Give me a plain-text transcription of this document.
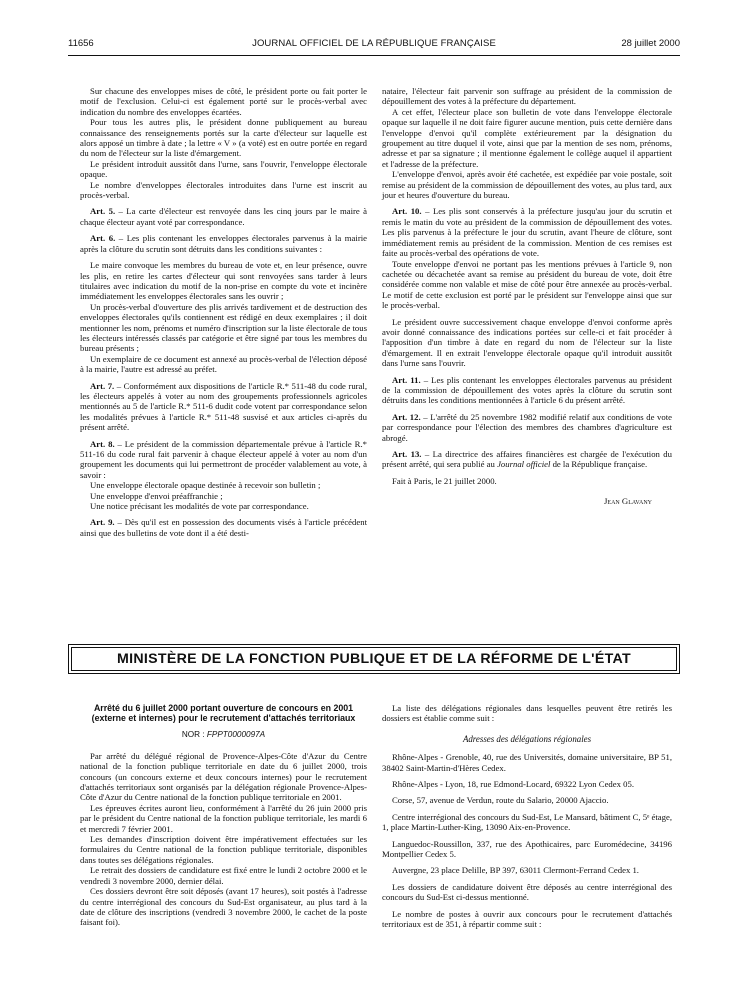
JOURNAL OFFICIEL DE LA RÉPUBLIQUE FRANÇAISE
11656	28 juillet 2000

Sur chacune des enveloppes mises de côté, le président porte ou fait porter le motif de l'exclusion. Celui-ci est également porté sur le procès-verbal avec indication du nombre des enveloppes écartées.

Pour tous les autres plis, le président donne publiquement au bureau connaissance des renseignements portés sur la carte d'électeur sur laquelle est alors apposé un timbre à date ; la lettre « V » (a voté) est en outre portée en regard du nom de l'électeur sur la liste d'émargement.

Le président introduit aussitôt dans l'urne, sans l'ouvrir, l'enveloppe électorale opaque.

Le nombre d'enveloppes électorales introduites dans l'urne est inscrit au procès-verbal.

Art. 5. – La carte d'électeur est renvoyée dans les cinq jours par le maire à chaque électeur ayant voté par correspondance.

Art. 6. – Les plis contenant les enveloppes électorales parvenus à la mairie après la clôture du scrutin sont détruits dans les conditions suivantes :

Le maire convoque les membres du bureau de vote et, en leur présence, ouvre les plis, en retire les cartes d'électeur qui sont renvoyées sans tarder à leurs titulaires avec indication du motif de la non-prise en compte du vote et incinère immédiatement les enveloppes électorales sans les ouvrir ;

Un procès-verbal d'ouverture des plis arrivés tardivement et de destruction des enveloppes électorales qu'ils contiennent est rédigé en deux exemplaires ; il doit mentionner les nom, prénoms et numéro d'inscription sur la liste électorale de tous les électeurs intéressés classés par catégorie et être signé par tous les membres du bureau présents ;

Un exemplaire de ce document est annexé au procès-verbal de l'élection déposé à la mairie, l'autre est adressé au préfet.

Art. 7. – Conformément aux dispositions de l'article R.* 511-48 du code rural, les électeurs appelés à voter au nom des groupements professionnels agricoles mentionnés au 5 de l'article R.* 511-6 dudit code votent par correspondance selon les modalités prévues à l'article R.* 511-48 susvisé et aux articles ci-après du présent arrêté.

Art. 8. – Le président de la commission départementale prévue à l'article R.* 511-16 du code rural fait parvenir à chaque électeur appelé à voter au nom d'un groupement les documents qui lui permettront de procéder valablement au vote, à savoir :

Une enveloppe électorale opaque destinée à recevoir son bulletin ;

Une enveloppe d'envoi préaffranchie ;

Une notice précisant les modalités de vote par correspondance.

Art. 9. – Dès qu'il est en possession des documents visés à l'article précédent ainsi que des bulletins de vote dont il a été desti-

nataire, l'électeur fait parvenir son suffrage au président de la commission de dépouillement des votes à la préfecture du département.

A cet effet, l'électeur place son bulletin de vote dans l'enveloppe électorale opaque sur laquelle il ne doit faire figurer aucune mention, puis cette dernière dans l'enveloppe d'envoi qu'il complète extérieurement par la désignation du groupement au titre duquel il vote, ainsi que par la mention de ses nom, prénoms, adresse et par sa signature ; il mentionne également le collège auquel il appartient et l'adresse de la préfecture.

L'enveloppe d'envoi, après avoir été cachetée, est expédiée par voie postale, soit remise au président de la commission de dépouillement des votes, au plus tard, aux jour et heures d'ouverture du bureau.

Art. 10. – Les plis sont conservés à la préfecture jusqu'au jour du scrutin et remis le matin du vote au président de la commission de dépouillement des votes. Les plis parvenus à la préfecture le jour du scrutin, avant l'heure de clôture, sont immédiatement remis au président de la commission. Mention de ces remises est faite au procès-verbal des opérations de vote.

Toute enveloppe d'envoi ne portant pas les mentions prévues à l'article 9, non cachetée ou décachetée avant sa remise au président du bureau de vote, doit être considérée comme non valable et mise de côté pour être annexée au procès-verbal. Le motif de cette exclusion est porté par le président sur l'enveloppe ainsi que sur le procès-verbal.

Le président ouvre successivement chaque enveloppe d'envoi conforme après avoir donné connaissance des indications portées sur celle-ci et fait procéder à l'apposition d'un timbre à date en regard du nom de l'électeur sur la liste d'émargement. Il en extrait l'enveloppe électorale opaque qu'il introduit aussitôt dans l'urne sans l'ouvrir.

Art. 11. – Les plis contenant les enveloppes électorales parvenus au président de la commission de dépouillement des votes après la clôture du scrutin sont détruits dans les conditions mentionnées à l'article 6 du présent arrêté.

Art. 12. – L'arrêté du 25 novembre 1982 modifié relatif aux conditions de vote par correspondance pour l'élection des membres des chambres d'agriculture est abrogé.

Art. 13. – La directrice des affaires financières est chargée de l'exécution du présent arrêté, qui sera publié au Journal officiel de la République française.

Fait à Paris, le 21 juillet 2000.

Jean Glavany
MINISTÈRE DE LA FONCTION PUBLIQUE ET DE LA RÉFORME DE L'ÉTAT
Arrêté du 6 juillet 2000 portant ouverture de concours en 2001 (externe et internes) pour le recrutement d'attachés territoriaux
NOR : FPPT0000097A

Par arrêté du délégué régional de Provence-Alpes-Côte d'Azur du Centre national de la fonction publique territoriale en date du 6 juillet 2000, trois concours (un concours externe et deux concours internes) pour le recrutement d'attachés territoriaux sont organisés par la délégation régionale Provence-Alpes-Côte d'Azur du Centre national de la fonction publique territoriale en 2001.

Les épreuves écrites auront lieu, conformément à l'arrêté du 26 juin 2000 pris par le président du Centre national de la fonction publique territoriale, les mardi 6 et mercredi 7 février 2001.

Les demandes d'inscription doivent être impérativement effectuées sur les formulaires du Centre national de la fonction publique territoriale, disponibles dans toutes ses délégations régionales.

Le retrait des dossiers de candidature est fixé entre le lundi 2 octobre 2000 et le vendredi 3 novembre 2000, dernier délai.

Ces dossiers devront être soit déposés (avant 17 heures), soit postés à l'adresse du centre interrégional des concours du Sud-Est organisateur, au plus tard à la date de clôture des inscriptions (vendredi 3 novembre 2000, le cachet de la poste faisant foi).

La liste des délégations régionales dans lesquelles peuvent être retirés les dossiers est établie comme suit :

Adresses des délégations régionales

Rhône-Alpes - Grenoble, 40, rue des Universités, domaine universitaire, BP 51, 38402 Saint-Martin-d'Hères Cedex.

Rhône-Alpes - Lyon, 18, rue Edmond-Locard, 69322 Lyon Cedex 05.

Corse, 57, avenue de Verdun, route du Salario, 20000 Ajaccio.

Centre interrégional des concours du Sud-Est, Le Mansard, bâtiment C, 5ᵉ étage, 1, place Martin-Luther-King, 13090 Aix-en-Provence.

Languedoc-Roussillon, 337, rue des Apothicaires, parc Euromédecine, 34196 Montpellier Cedex 5.

Auvergne, 23 place Delille, BP 397, 63011 Clermont-Ferrand Cedex 1.

Les dossiers de candidature doivent être déposés au centre interrégional des concours du Sud-Est ci-dessus mentionné.

Le nombre de postes à ouvrir aux concours pour le recrutement d'attachés territoriaux est de 351, à répartir comme suit :
